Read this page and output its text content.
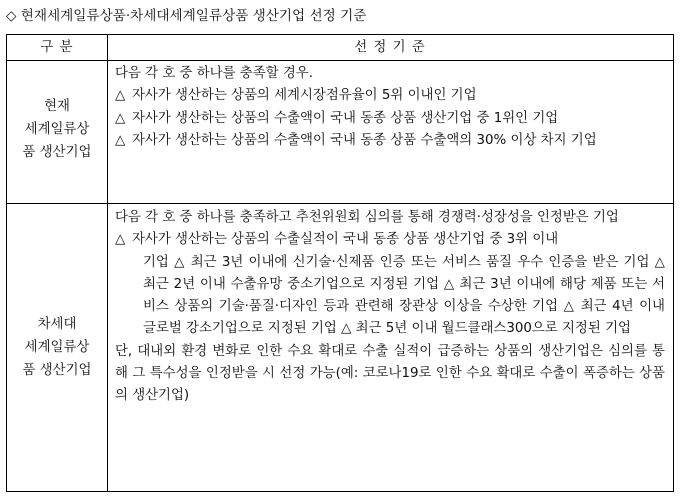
◇ 현재세계일류상품·차세대세계일류상품 생산기업 선정 기준
구 분	선 정 기 준
현재
세계일류상
품 생산기업

다음 각 호 중 하나를 충족할 경우.

△ 자사가 생산하는 상품의 세계시장점유율이 5위 이내인 기업

△ 자사가 생산하는 상품의 수출액이 국내 동종 상품 생산기업 중 1위인 기업

△ 자사가 생산하는 상품의 수출액이 국내 동종 상품 수출액의 30% 이상 차지 기업

차세대
세계일류상
품 생산기업

다음 각 호 중 하나를 충족하고 추천위원회 심의를 통해 경쟁력·성장성을 인정받은 기업

△ 자사가 생산하는 상품의 수출실적이 국내 동종 상품 생산기업 중 3위 이내

기업 △ 최근 3년 이내에 신기술·신제품 인증 또는 서비스 품질 우수 인증을 받은 기업 △ 최근 2년 이내 수출유망 중소기업으로 지정된 기업 △ 최근 3년 이내에 해당 제품 또는 서비스 상품의 기술·품질·디자인 등과 관련해 장관상 이상을 수상한 기업 △ 최근 4년 이내 글로벌 강소기업으로 지정된 기업 △ 최근 5년 이내 월드클래스300으로 지정된 기업

단, 대내외 환경 변화로 인한 수요 확대로 수출 실적이 급증하는 상품의 생산기업은 심의를 통해 그 특수성을 인정받을 시 선정 가능(예: 코로나19로 인한 수요 확대로 수출이 폭증하는 상품의 생산기업)
